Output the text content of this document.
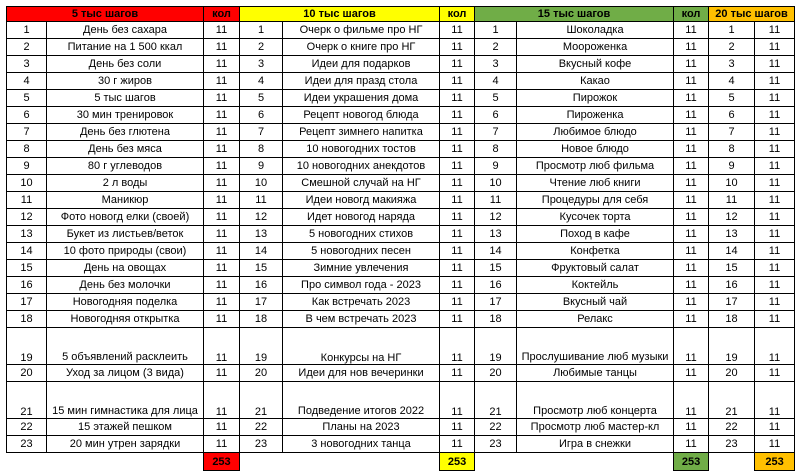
5 тыс шагов		кол
1	День без сахара	11
2	Питание на 1 500 ккал	11
3	День без соли	11
4	30 г жиров	11
5	5 тыс шагов	11
6	30 мин тренировок	11
7	День без глютена	11
8	День без мяса	11
9	80 г углеводов	11
10	2 л воды	11
11	Маникюр	11
12	Фото новогд елки (своей)	11
13	Букет из листьев/веток	11
14	10 фото природы (свои)	11
15	День на овощах	11
16	День без молочки	11
17	Новогодняя поделка	11
18	Новогодняя открытка	11
19	5 объявлений расклеить	11
20	Уход за лицом (3 вида)	11
21	15 мин гимнастика для лица	11
22	15 этажей пешком	11
23	20 мин утрен зарядки	11
		253
10 тыс шагов		кол
1	Очерк о фильме про НГ	11
2	Очерк о книге про НГ	11
3	Идеи для подарков	11
4	Идеи для празд стола	11
5	Идеи украшения дома	11
6	Рецепт новогод блюда	11
7	Рецепт зимнего напитка	11
8	10 новогодних тостов	11
9	10 новогодних анекдотов	11
10	Смешной случай на НГ	11
11	Идеи новогд макияжа	11
12	Идет новогод наряда	11
13	5 новогодних стихов	11
14	5 новогодних песен	11
15	Зимние увлечения	11
16	Про символ года - 2023	11
17	Как встречать 2023	11
18	В чем встречать 2023	11
19	Конкурсы на НГ	11
20	Идеи для нов вечеринки	11
21	Подведение итогов 2022	11
22	Планы на 2023	11
23	3 новогодних танца	11
		253
15 тыс шагов		кол
1	Шоколадка	11
2	Моороженка	11
3	Вкусный кофе	11
4	Какао	11
5	Пирожок	11
6	Пироженка	11
7	Любимое блюдо	11
8	Новое блюдо	11
9	Просмотр люб фильма	11
10	Чтение люб книги	11
11	Процедуры для себя	11
12	Кусочек торта	11
13	Поход в кафе	11
14	Конфетка	11
15	Фруктовый салат	11
16	Коктейль	11
17	Вкусный чай	11
18	Релакс	11
19	Прослушивание люб музыки	11
20	Любимые танцы	11
21	Просмотр люб концерта	11
22	Просмотр люб мастер-кл	11
23	Игра в снежки	11
		253
20 тыс шагов	
1	11
2	11
3	11
4	11
5	11
6	11
7	11
8	11
9	11
10	11
11	11
12	11
13	11
14	11
15	11
16	11
17	11
18	11
19	11
20	11
21	11
22	11
23	11
	253
